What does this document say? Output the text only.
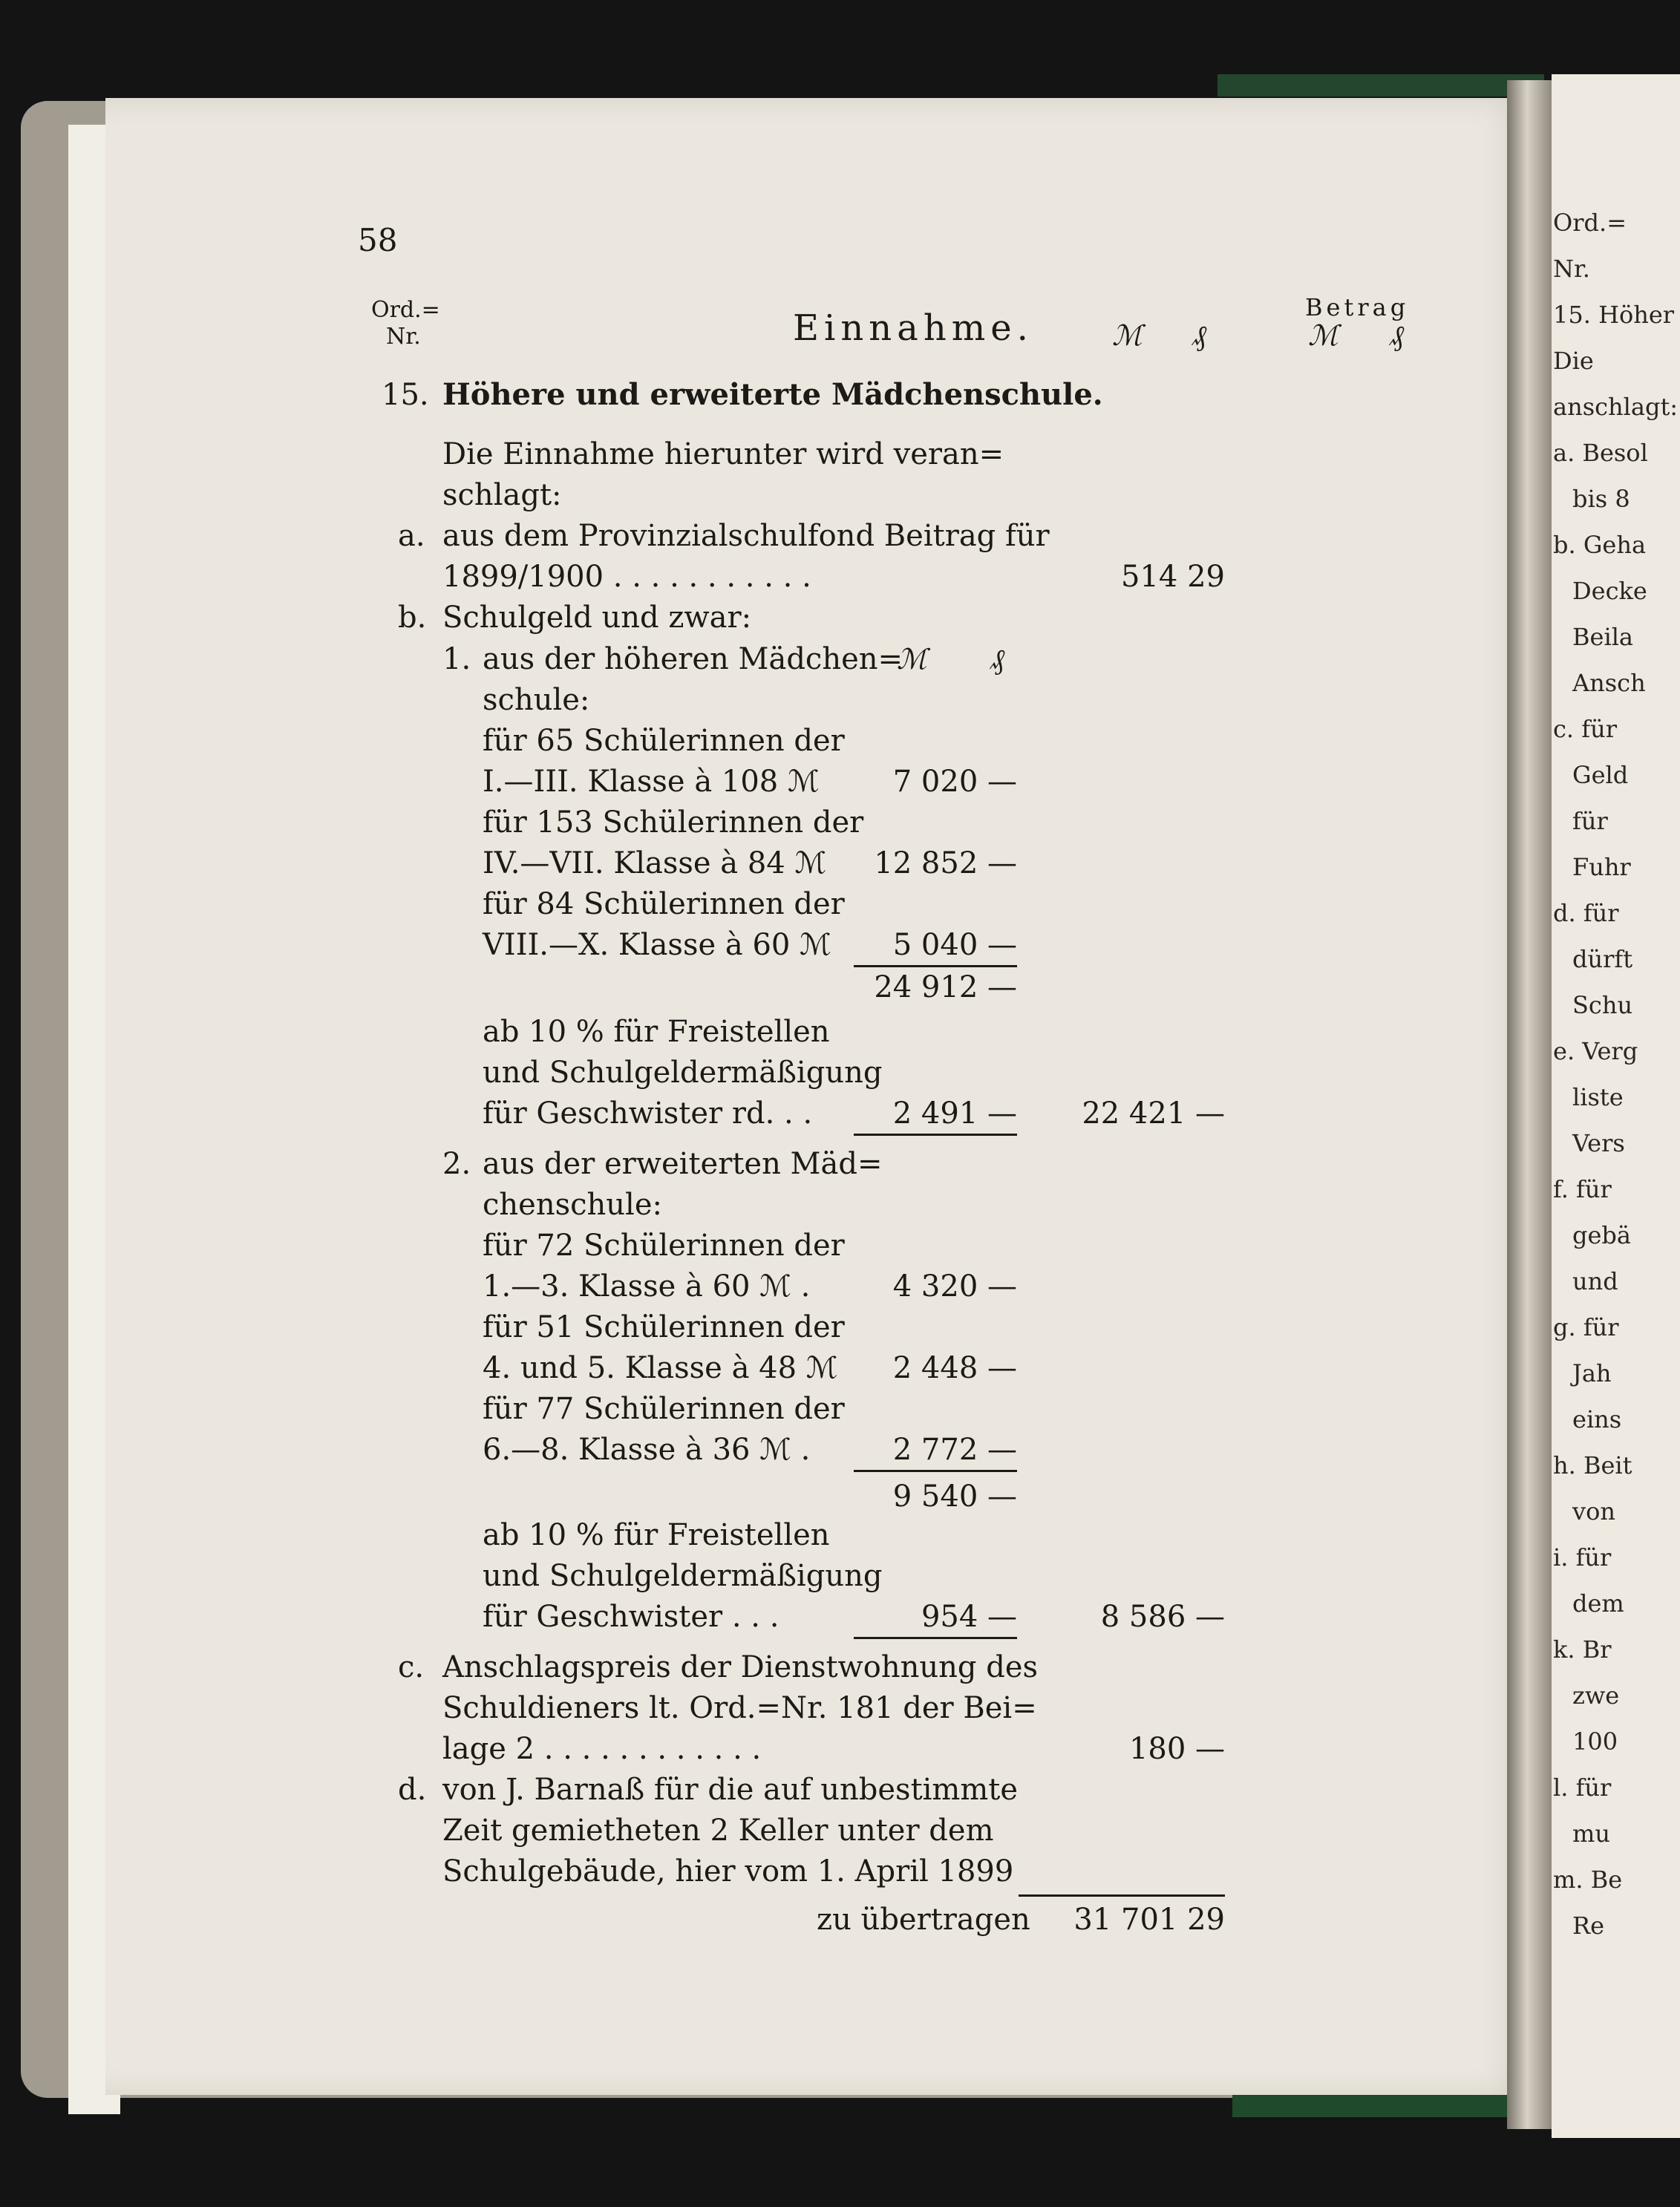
Ord.=
Nr.
15. Höher
Die
anschlagt:
a. Besol
bis 8
b. Geha
Decke
Beila
Ansch
c. für
Geld
für
Fuhr
d. für
dürft
Schu
e. Verg
liste
Vers
f. für
gebä
und
g. für
Jah
eins
h. Beit
von
i. für
dem
k. Br
zwe
100
l. für
mu
m. Be
Re
58
Ord.=
Nr.	Einnahme.	ℳ ₰
Betrag
ℳ ₰
15. Höhere und erweiterte Mädchenschule.
Die Einnahme hierunter wird veran=
schlagt:
a. aus dem Provinzialschulfond Beitrag für
1899/1900 . . . . . . . . . . .	514 29
b. Schulgeld und zwar:
1. aus der höheren Mädchen=
ℳ ₰
schule:
für 65 Schülerinnen der
I.—III. Klasse à 108 ℳ	7 020 —
für 153 Schülerinnen der
IV.—VII. Klasse à 84 ℳ	12 852 —
für 84 Schülerinnen der
VIII.—X. Klasse à 60 ℳ	5 040 —
24 912 —
ab 10 % für Freistellen
und Schulgeldermäßigung
für Geschwister rd. . .	2 491 —	22 421 —
2. aus der erweiterten Mäd=
chenschule:
für 72 Schülerinnen der
1.—3. Klasse à 60 ℳ .	4 320 —
für 51 Schülerinnen der
4. und 5. Klasse à 48 ℳ	2 448 —
für 77 Schülerinnen der
6.—8. Klasse à 36 ℳ .	2 772 —
9 540 —
ab 10 % für Freistellen
und Schulgeldermäßigung
für Geschwister . . .	954 —	8 586 —
c. Anschlagspreis der Dienstwohnung des
Schuldieners lt. Ord.=Nr. 181 der Bei=
lage 2 . . . . . . . . . . . .	180 —
d. von J. Barnaß für die auf unbestimmte
Zeit gemietheten 2 Keller unter dem
Schulgebäude, hier vom 1. April 1899
zu übertragen	31 701 29
